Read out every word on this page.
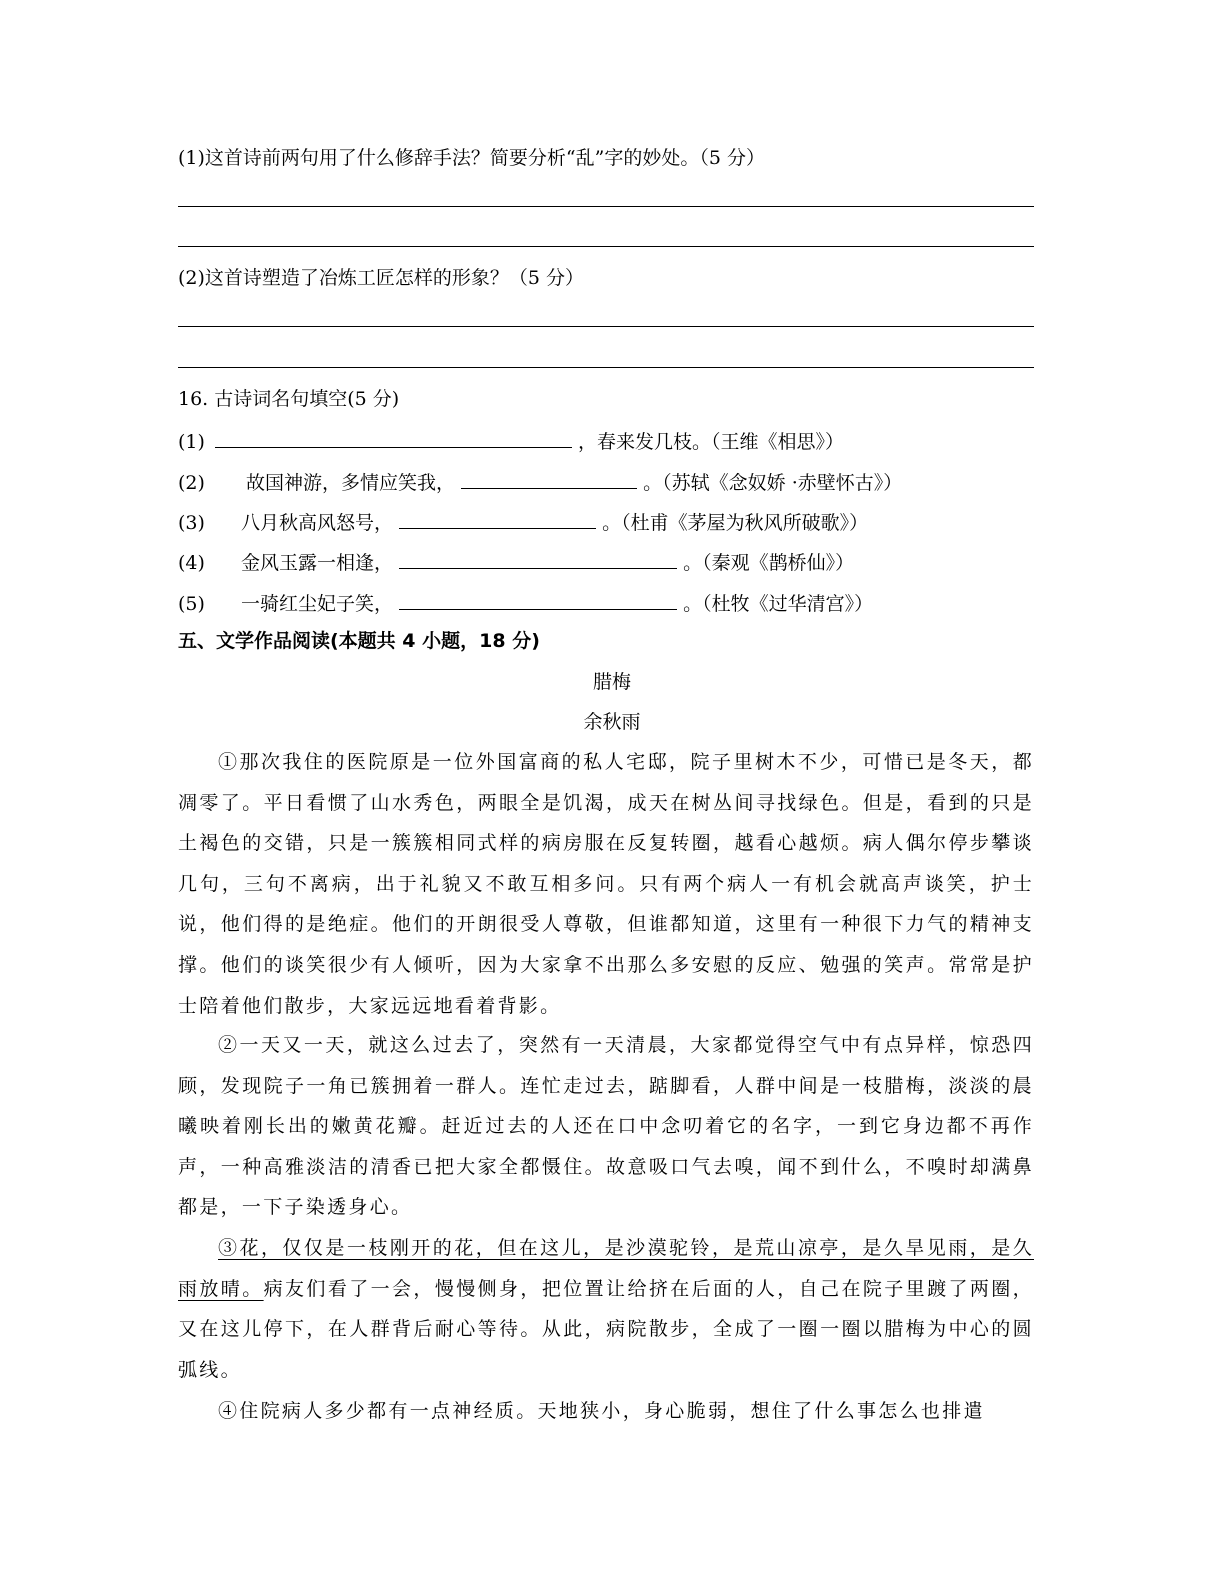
(1)这首诗前两句用了什么修辞手法？简要分析“乱”字的妙处。（5 分）
(2)这首诗塑造了冶炼工匠怎样的形象？（5 分）
16. 古诗词名句填空(5 分)
(1)	，春来发几枝。（王维《相思》）
(2) 故国神游，多情应笑我，	。（苏轼《念奴娇 ·赤壁怀古》）
(3) 八月秋高风怒号，	。（杜甫《茅屋为秋风所破歌》）
(4) 金风玉露一相逢，	。（秦观《鹊桥仙》）
(5) 一骑红尘妃子笑，	。（杜牧《过华清宫》）
五、文学作品阅读(本题共 4 小题，18 分)
腊梅
余秋雨
①那次我住的医院原是一位外国富商的私人宅邸，院子里树木不少，可惜已是冬天，都凋零了。平日看惯了山水秀色，两眼全是饥渴，成天在树丛间寻找绿色。但是，看到的只是土褐色的交错，只是一簇簇相同式样的病房服在反复转圈，越看心越烦。病人偶尔停步攀谈几句，三句不离病，出于礼貌又不敢互相多问。只有两个病人一有机会就高声谈笑，护士说，他们得的是绝症。他们的开朗很受人尊敬，但谁都知道，这里有一种很下力气的精神支撑。他们的谈笑很少有人倾听，因为大家拿不出那么多安慰的反应、勉强的笑声。常常是护士陪着他们散步，大家远远地看着背影。
②一天又一天，就这么过去了，突然有一天清晨，大家都觉得空气中有点异样，惊恐四顾，发现院子一角已簇拥着一群人。连忙走过去，踮脚看，人群中间是一枝腊梅，淡淡的晨曦映着刚长出的嫩黄花瓣。赶近过去的人还在口中念叨着它的名字，一到它身边都不再作声，一种高雅淡洁的清香已把大家全都慑住。故意吸口气去嗅，闻不到什么，不嗅时却满鼻都是，一下子染透身心。
③花，仅仅是一枝刚开的花，但在这儿，是沙漠驼铃，是荒山凉亭，是久旱见雨，是久雨放晴。病友们看了一会，慢慢侧身，把位置让给挤在后面的人，自己在院子里踱了两圈，又在这儿停下，在人群背后耐心等待。从此，病院散步，全成了一圈一圈以腊梅为中心的圆弧线。
④住院病人多少都有一点神经质。天地狭小，身心脆弱，想住了什么事怎么也排遣
